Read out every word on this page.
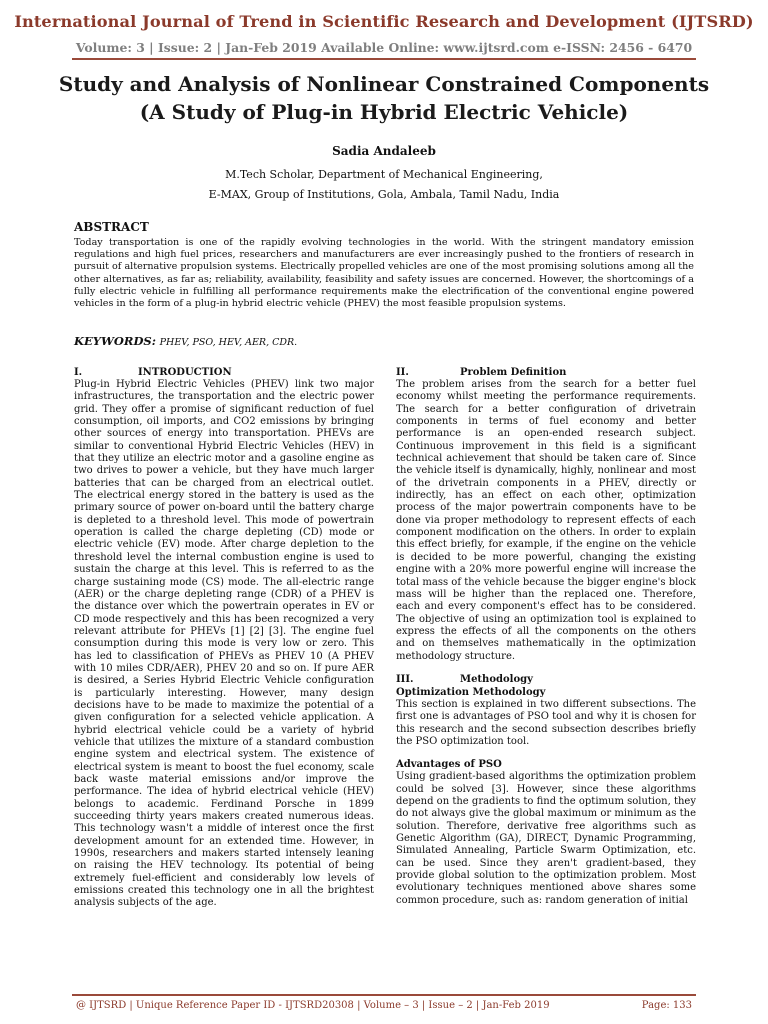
International Journal of Trend in Scientific Research and Development (IJTSRD)
Volume: 3 | Issue: 2 | Jan-Feb 2019 Available Online: www.ijtsrd.com e-ISSN: 2456 - 6470
Study and Analysis of Nonlinear Constrained Components
(A Study of Plug-in Hybrid Electric Vehicle)
Sadia Andaleeb
M.Tech Scholar, Department of Mechanical Engineering,
E-MAX, Group of Institutions, Gola, Ambala, Tamil Nadu, India
ABSTRACT
Today transportation is one of the rapidly evolving technologies in the world. With the stringent mandatory emission regulations and high fuel prices, researchers and manufacturers are ever increasingly pushed to the frontiers of research in pursuit of alternative propulsion systems. Electrically propelled vehicles are one of the most promising solutions among all the other alternatives, as far as; reliability, availability, feasibility and safety issues are concerned. However, the shortcomings of a fully electric vehicle in fulfilling all performance requirements make the electrification of the conventional engine powered vehicles in the form of a plug-in hybrid electric vehicle (PHEV) the most feasible propulsion systems.
KEYWORDS: PHEV, PSO, HEV, AER, CDR.

I.	INTRODUCTION

Plug-in Hybrid Electric Vehicles (PHEV) link two major infrastructures, the transportation and the electric power grid. They offer a promise of significant reduction of fuel consumption, oil imports, and CO2 emissions by bringing other sources of energy into transportation. PHEVs are similar to conventional Hybrid Electric Vehicles (HEV) in that they utilize an electric motor and a gasoline engine as two drives to power a vehicle, but they have much larger batteries that can be charged from an electrical outlet. The electrical energy stored in the battery is used as the primary source of power on-board until the battery charge is depleted to a threshold level. This mode of powertrain operation is called the charge depleting (CD) mode or electric vehicle (EV) mode. After charge depletion to the threshold level the internal combustion engine is used to sustain the charge at this level. This is referred to as the charge sustaining mode (CS) mode. The all-electric range (AER) or the charge depleting range (CDR) of a PHEV is the distance over which the powertrain operates in EV or CD mode respectively and this has been recognized a very relevant attribute for PHEVs [1] [2] [3]. The engine fuel consumption during this mode is very low or zero. This has led to classification of PHEVs as PHEV 10 (A PHEV with 10 miles CDR/AER), PHEV 20 and so on. If pure AER is desired, a Series Hybrid Electric Vehicle configuration is particularly interesting. However, many design decisions have to be made to maximize the potential of a given configuration for a selected vehicle application. A hybrid electrical vehicle could be a variety of hybrid vehicle that utilizes the mixture of a standard combustion engine system and electrical system. The existence of electrical system is meant to boost the fuel economy, scale back waste material emissions and/or improve the performance. The idea of hybrid electrical vehicle (HEV) belongs to academic. Ferdinand Porsche in 1899 succeeding thirty years makers created numerous ideas. This technology wasn't a middle of interest once the first development amount for an extended time. However, in 1990s, researchers and makers started intensely leaning on raising the HEV technology. Its potential of being extremely fuel-efficient and considerably low levels of emissions created this technology one in all the brightest analysis subjects of the age.

II.	Problem Definition

The problem arises from the search for a better fuel economy whilst meeting the performance requirements. The search for a better configuration of drivetrain components in terms of fuel economy and better performance is an open-ended research subject. Continuous improvement in this field is a significant technical achievement that should be taken care of. Since the vehicle itself is dynamically, highly, nonlinear and most of the drivetrain components in a PHEV, directly or indirectly, has an effect on each other, optimization process of the major powertrain components have to be done via proper methodology to represent effects of each component modification on the others. In order to explain this effect briefly, for example, if the engine on the vehicle is decided to be more powerful, changing the existing engine with a 20% more powerful engine will increase the total mass of the vehicle because the bigger engine's block mass will be higher than the replaced one. Therefore, each and every component's effect has to be considered. The objective of using an optimization tool is explained to express the effects of all the components on the others and on themselves mathematically in the optimization methodology structure.

III.	Methodology

Optimization Methodology

This section is explained in two different subsections. The first one is advantages of PSO tool and why it is chosen for this research and the second subsection describes briefly the PSO optimization tool.

Advantages of PSO

Using gradient-based algorithms the optimization problem could be solved [3]. However, since these algorithms depend on the gradients to find the optimum solution, they do not always give the global maximum or minimum as the solution. Therefore, derivative free algorithms such as Genetic Algorithm (GA), DIRECT, Dynamic Programming, Simulated Annealing, Particle Swarm Optimization, etc. can be used. Since they aren't gradient-based, they provide global solution to the optimization problem. Most evolutionary techniques mentioned above shares some common procedure, such as: random generation of initial

@ IJTSRD | Unique Reference Paper ID - IJTSRD20308 | Volume – 3 | Issue – 2 | Jan-Feb 2019	Page: 133
